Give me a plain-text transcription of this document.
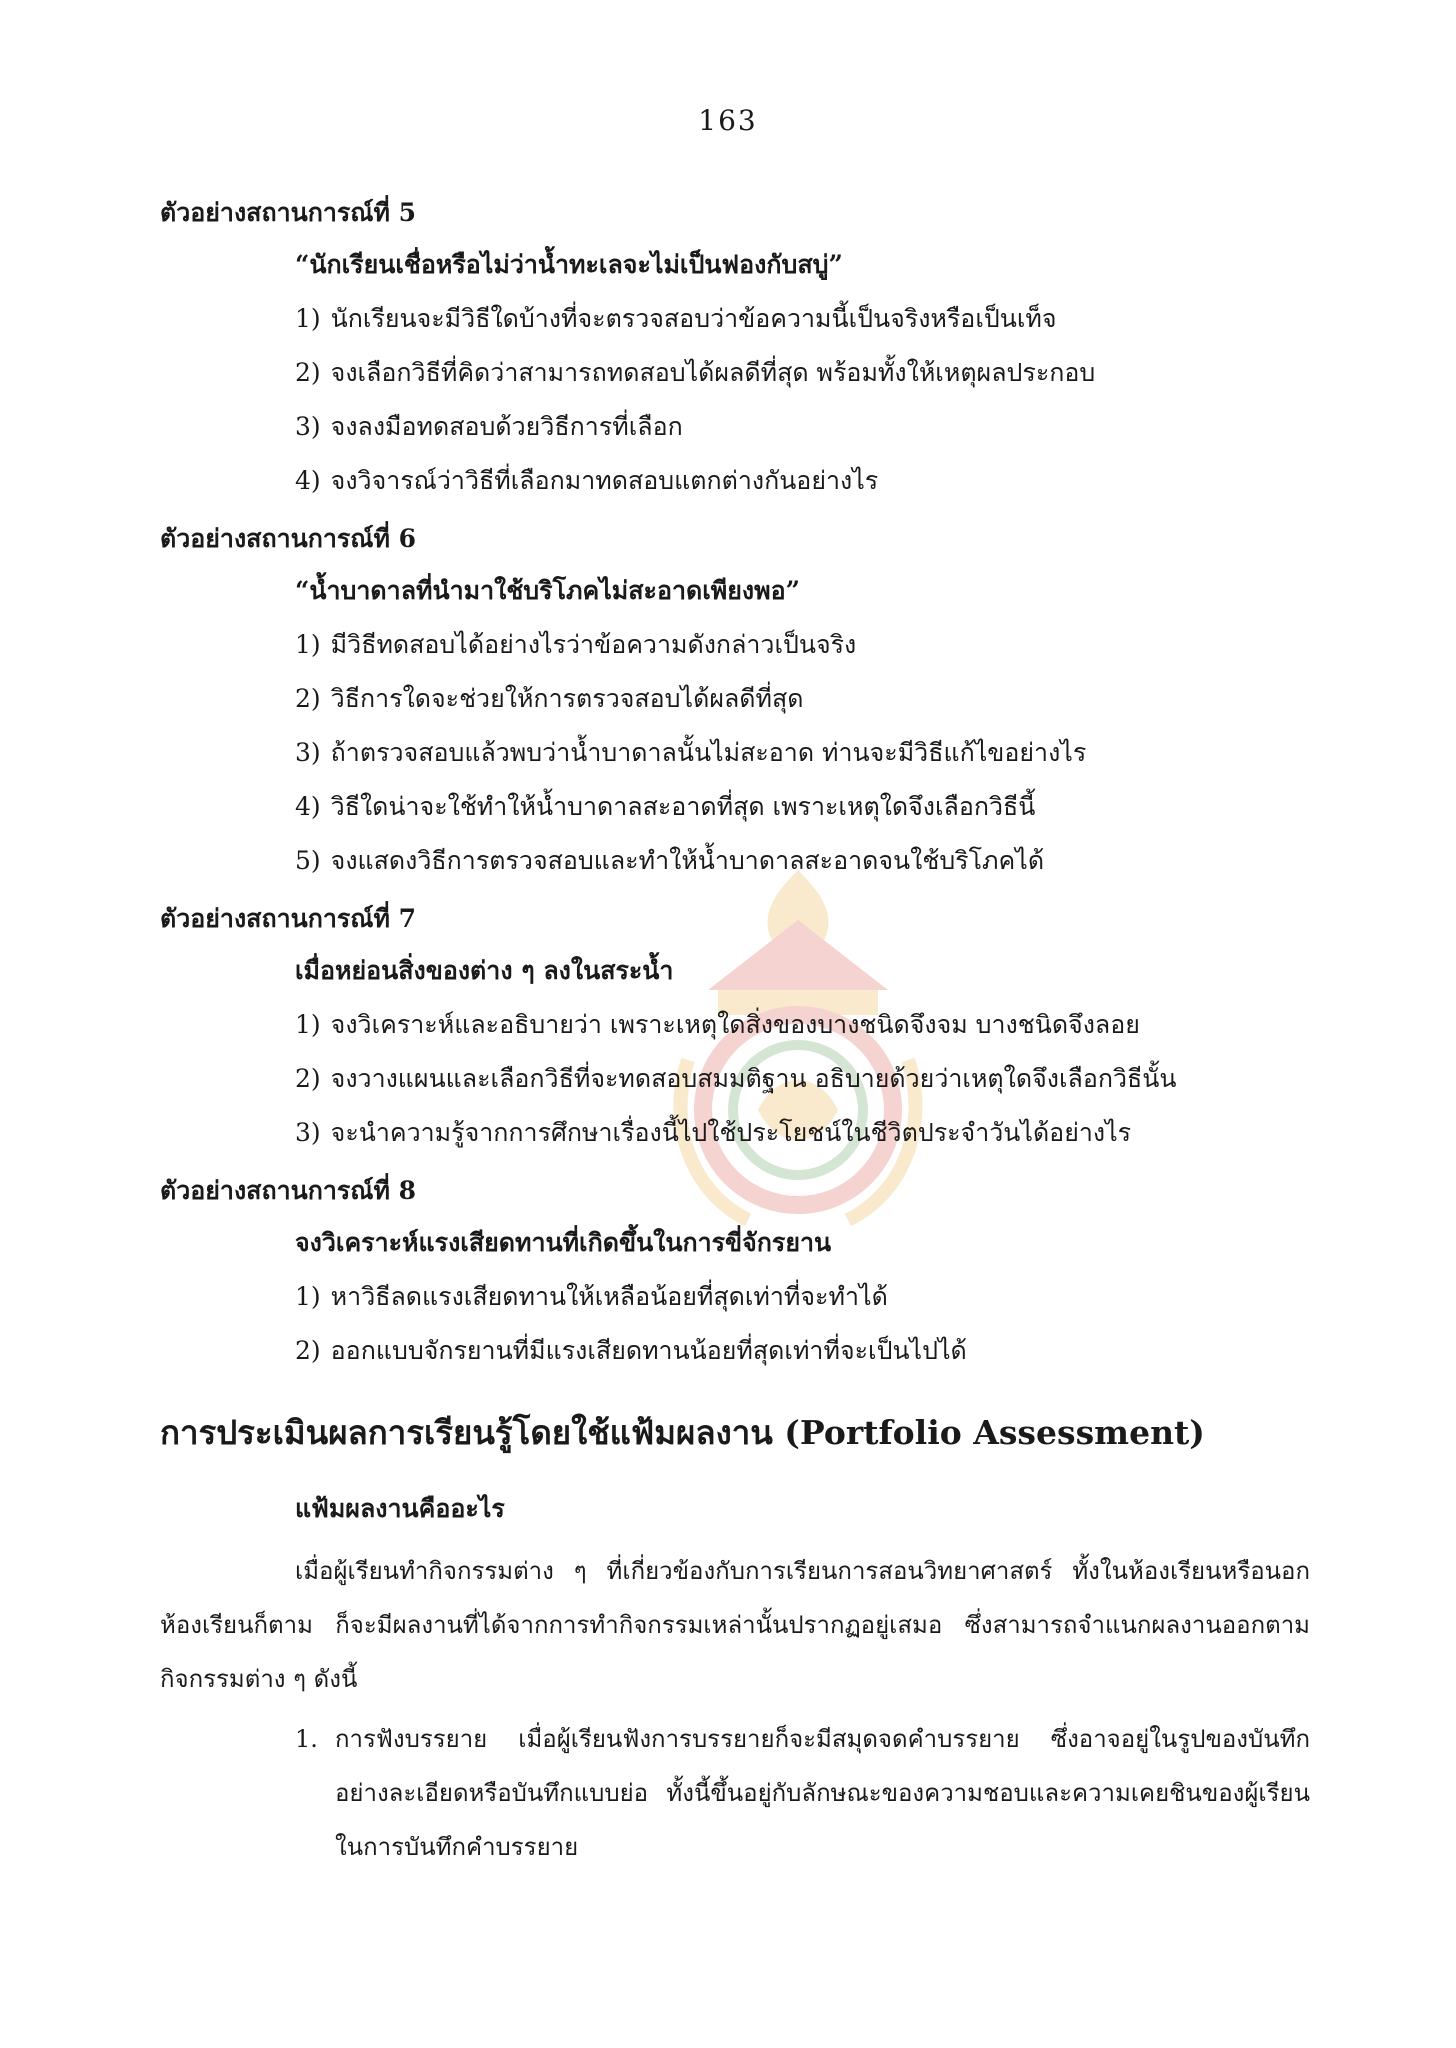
163
ตัวอย่างสถานการณ์ที่ 5
“นักเรียนเชื่อหรือไม่ว่าน้ำทะเลจะไม่เป็นฟองกับสบู่”
1) นักเรียนจะมีวิธีใดบ้างที่จะตรวจสอบว่าข้อความนี้เป็นจริงหรือเป็นเท็จ
2) จงเลือกวิธีที่คิดว่าสามารถทดสอบได้ผลดีที่สุด พร้อมทั้งให้เหตุผลประกอบ
3) จงลงมือทดสอบด้วยวิธีการที่เลือก
4) จงวิจารณ์ว่าวิธีที่เลือกมาทดสอบแตกต่างกันอย่างไร
ตัวอย่างสถานการณ์ที่ 6
“น้ำบาดาลที่นำมาใช้บริโภคไม่สะอาดเพียงพอ”
1) มีวิธีทดสอบได้อย่างไรว่าข้อความดังกล่าวเป็นจริง
2) วิธีการใดจะช่วยให้การตรวจสอบได้ผลดีที่สุด
3) ถ้าตรวจสอบแล้วพบว่าน้ำบาดาลนั้นไม่สะอาด ท่านจะมีวิธีแก้ไขอย่างไร
4) วิธีใดน่าจะใช้ทำให้น้ำบาดาลสะอาดที่สุด เพราะเหตุใดจึงเลือกวิธีนี้
5) จงแสดงวิธีการตรวจสอบและทำให้น้ำบาดาลสะอาดจนใช้บริโภคได้
ตัวอย่างสถานการณ์ที่ 7
เมื่อหย่อนสิ่งของต่าง ๆ ลงในสระน้ำ
1) จงวิเคราะห์และอธิบายว่า เพราะเหตุใดสิ่งของบางชนิดจึงจม บางชนิดจึงลอย
2) จงวางแผนและเลือกวิธีที่จะทดสอบสมมติฐาน อธิบายด้วยว่าเหตุใดจึงเลือกวิธีนั้น
3) จะนำความรู้จากการศึกษาเรื่องนี้ไปใช้ประโยชน์ในชีวิตประจำวันได้อย่างไร
ตัวอย่างสถานการณ์ที่ 8
จงวิเคราะห์แรงเสียดทานที่เกิดขึ้นในการขี่จักรยาน
1) หาวิธีลดแรงเสียดทานให้เหลือน้อยที่สุดเท่าที่จะทำได้
2) ออกแบบจักรยานที่มีแรงเสียดทานน้อยที่สุดเท่าที่จะเป็นไปได้
การประเมินผลการเรียนรู้โดยใช้แฟ้มผลงาน (Portfolio Assessment)
แฟ้มผลงานคืออะไร

เมื่อผู้เรียนทำกิจกรรมต่าง ๆ ที่เกี่ยวข้องกับการเรียนการสอนวิทยาศาสตร์ ทั้งในห้องเรียนหรือนอกห้องเรียนก็ตาม ก็จะมีผลงานที่ได้จากการทำกิจกรรมเหล่านั้นปรากฏอยู่เสมอ ซึ่งสามารถจำแนกผลงานออกตามกิจกรรมต่าง ๆ ดังนี้

1. การฟังบรรยาย เมื่อผู้เรียนฟังการบรรยายก็จะมีสมุดจดคำบรรยาย ซึ่งอาจอยู่ในรูปของบันทึกอย่างละเอียดหรือบันทึกแบบย่อ ทั้งนี้ขึ้นอยู่กับลักษณะของความชอบและความเคยชินของผู้เรียนในการบันทึกคำบรรยาย
